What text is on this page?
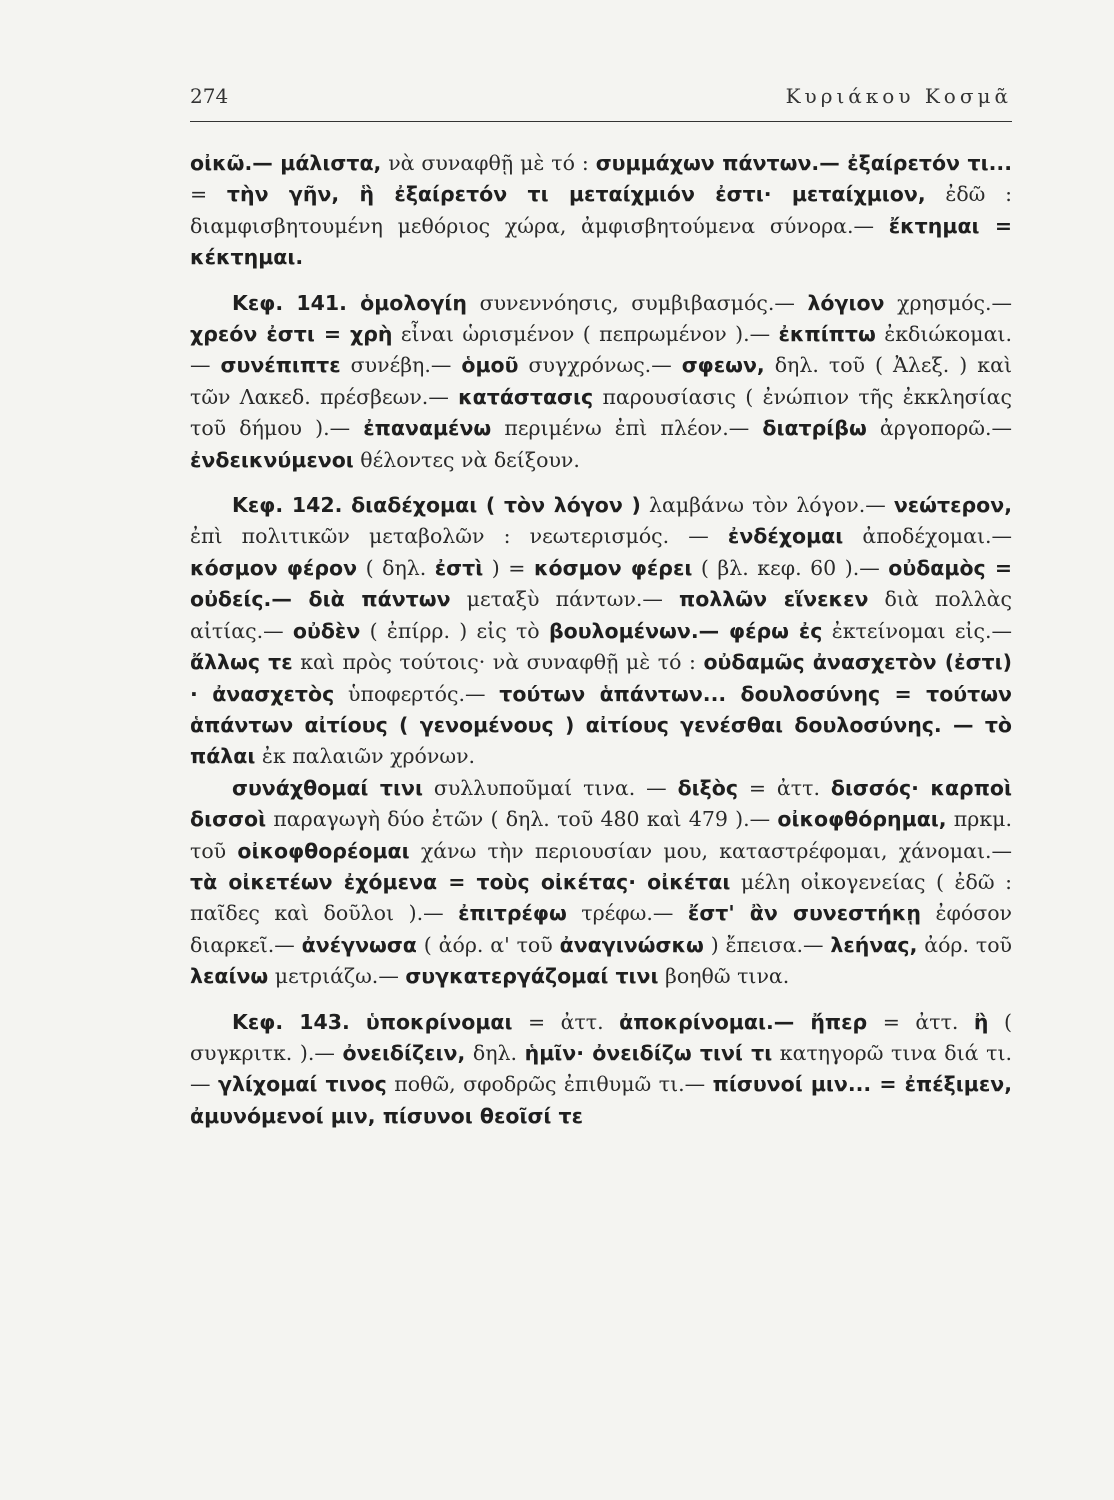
274	Κυριάκου Κοσμᾶ

οἰκῶ.— μάλιστα, νὰ συναφθῇ μὲ τό : συμμάχων πάντων.— ἐξαίρετόν τι... = τὴν γῆν, ἣ ἐξαίρετόν τι μεταίχμιόν ἐστι· μεταίχμιον, ἐδῶ : διαμφισβητουμένη μεθόριος χώρα, ἀμφισβητούμενα σύνορα.— ἔκτημαι = κέκτημαι.

Κεφ. 141. ὁμολογίη συνεννόησις, συμβιβασμός.— λόγιον χρησμός.— χρεόν ἐστι = χρὴ εἶναι ὡρισμένον ( πεπρωμένον ).— ἐκπίπτω ἐκδιώκομαι.— συνέπιπτε συνέβη.— ὁμοῦ συγχρόνως.— σφεων, δηλ. τοῦ ( Ἀλεξ. ) καὶ τῶν Λακεδ. πρέσβεων.— κατάστασις παρουσίασις ( ἐνώπιον τῆς ἐκκλησίας τοῦ δήμου ).— ἐπαναμένω περιμένω ἐπὶ πλέον.— διατρίβω ἀργοπορῶ.— ἐνδεικνύμενοι θέλοντες νὰ δείξουν.

Κεφ. 142. διαδέχομαι ( τὸν λόγον ) λαμβάνω τὸν λόγον.— νεώτερον, ἐπὶ πολιτικῶν μεταβολῶν : νεωτερισμός. — ἐνδέχομαι ἀποδέχομαι.— κόσμον φέρον ( δηλ. ἐστὶ ) = κόσμον φέρει ( βλ. κεφ. 60 ).— οὐδαμὸς = οὐδείς.— διὰ πάντων μεταξὺ πάντων.— πολλῶν εἵνεκεν διὰ πολλὰς αἰτίας.— οὐδὲν ( ἐπίρρ. ) εἰς τὸ βουλομένων.— φέρω ἐς ἐκτείνομαι εἰς.— ἄλλως τε καὶ πρὸς τούτοις· νὰ συναφθῇ μὲ τό : οὐδαμῶς ἀνασχετὸν (ἐστι) · ἀνασχετὸς ὑποφερτός.— τούτων ἁπάντων... δουλοσύνης = τούτων ἁπάντων αἰτίους ( γενομένους ) αἰτίους γενέσθαι δουλοσύνης. — τὸ πάλαι ἐκ παλαιῶν χρόνων.

συνάχθομαί τινι συλλυποῦμαί τινα. — διξὸς = ἀττ. δισσός· καρποὶ δισσοὶ παραγωγὴ δύο ἐτῶν ( δηλ. τοῦ 480 καὶ 479 ).— οἰκοφθόρημαι, πρκμ. τοῦ οἰκοφθορέομαι χάνω τὴν περιουσίαν μου, καταστρέφομαι, χάνομαι.— τὰ οἰκετέων ἐχόμενα = τοὺς οἰκέτας· οἰκέται μέλη οἰκογενείας ( ἐδῶ : παῖδες καὶ δοῦλοι ).— ἐπιτρέφω τρέφω.— ἔστ' ἂν συνεστήκῃ ἐφόσον διαρκεῖ.— ἀνέγνωσα ( ἀόρ. α' τοῦ ἀναγινώσκω ) ἔπεισα.— λεήνας, ἀόρ. τοῦ λεαίνω μετριάζω.— συγκατεργάζομαί τινι βοηθῶ τινα.

Κεφ. 143. ὑποκρίνομαι = ἀττ. ἀποκρίνομαι.— ἤπερ = ἀττ. ἢ ( συγκριτκ. ).— ὀνειδίζειν, δηλ. ἡμῖν· ὀνειδίζω τινί τι κατηγορῶ τινα διά τι.— γλίχομαί τινος ποθῶ, σφοδρῶς ἐπιθυμῶ τι.— πίσυνοί μιν... = ἐπέξιμεν, ἀμυνόμενοί μιν, πίσυνοι θεοῖσί τε
